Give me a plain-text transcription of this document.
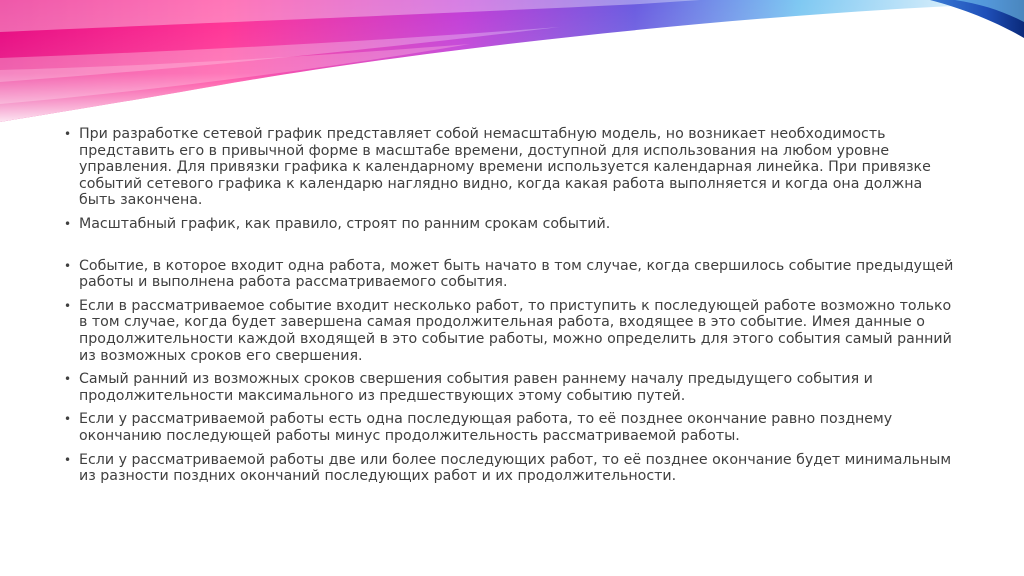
• При разработке сетевой график представляет собой немасштабную модель, но возникает необходимость представить его в привычной форме в масштабе времени, доступной для использования на любом уровне управления. Для привязки графика к календарному времени используется календарная линейка. При привязке событий сетевого графика к календарю наглядно видно, когда какая работа выполняется и когда она должна быть закончена.
• Масштабный график, как правило, строят по ранним срокам событий.
• Событие, в которое входит одна работа, может быть начато в том случае, когда свершилось событие предыдущей работы и выполнена работа рассматриваемого события.
• Если в рассматриваемое событие входит несколько работ, то приступить к последующей работе возможно только в том случае, когда будет завершена самая продолжительная работа, входящее в это событие. Имея данные о продолжительности каждой входящей в это событие работы, можно определить для этого события самый ранний из возможных сроков его свершения.
• Самый ранний из возможных сроков свершения события равен раннему началу предыдущего события и продолжительности максимального из предшествующих этому событию путей.
• Если у рассматриваемой работы есть одна последующая работа, то её позднее окончание равно позднему окончанию последующей работы минус продолжительность рассматриваемой работы.
• Если у рассматриваемой работы две или более последующих работ, то её позднее окончание будет минимальным из разности поздних окончаний последующих работ и их продолжительности.
